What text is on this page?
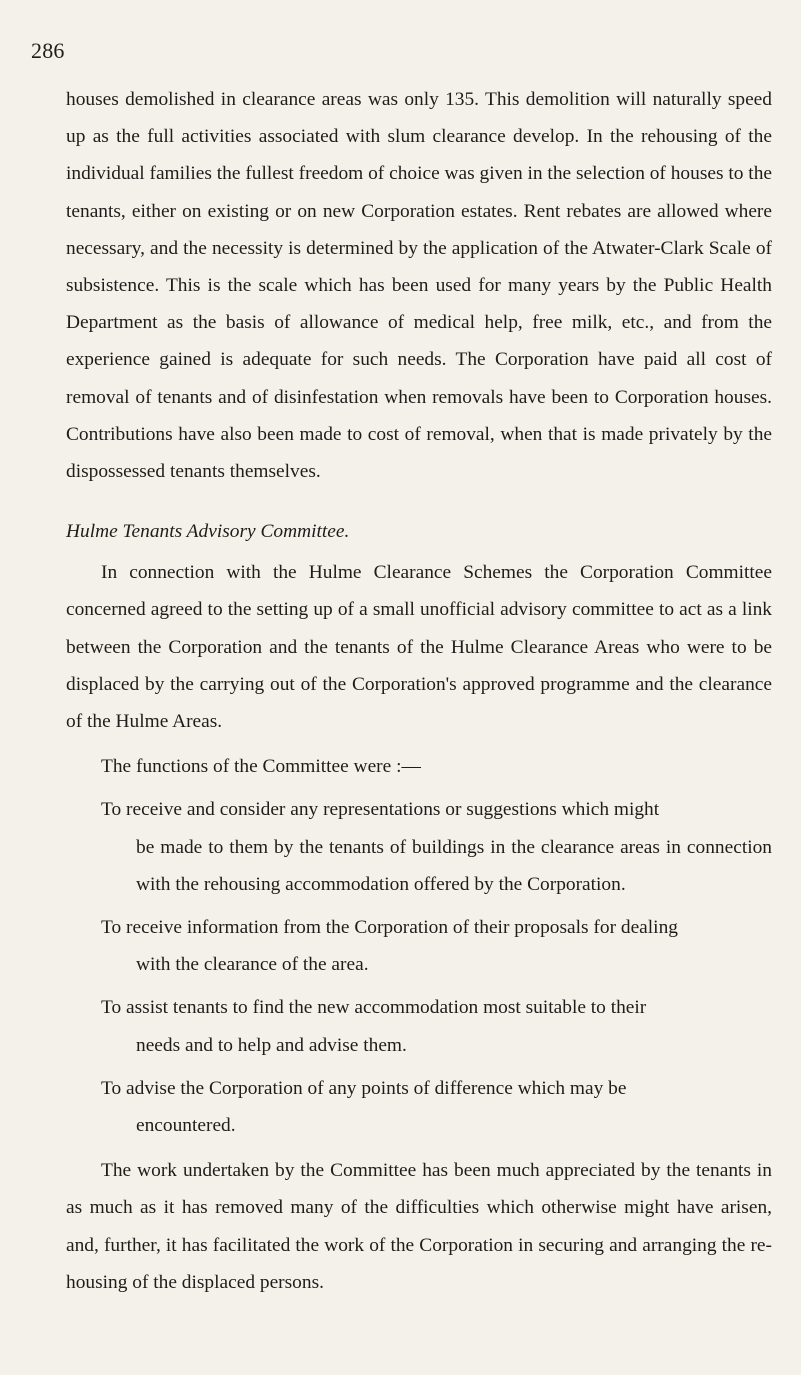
286

houses demolished in clearance areas was only 135. This demolition will naturally speed up as the full activities associated with slum clearance develop. In the rehousing of the individual families the fullest freedom of choice was given in the selection of houses to the tenants, either on existing or on new Corporation estates. Rent rebates are allowed where necessary, and the necessity is determined by the application of the Atwater-Clark Scale of subsistence. This is the scale which has been used for many years by the Public Health Department as the basis of allowance of medical help, free milk, etc., and from the experience gained is adequate for such needs. The Corporation have paid all cost of removal of tenants and of disinfestation when removals have been to Corporation houses. Contributions have also been made to cost of removal, when that is made privately by the dispossessed tenants themselves.

Hulme Tenants Advisory Committee.

In connection with the Hulme Clearance Schemes the Corporation Committee concerned agreed to the setting up of a small unofficial advisory committee to act as a link between the Corporation and the tenants of the Hulme Clearance Areas who were to be displaced by the carrying out of the Corporation's approved programme and the clearance of the Hulme Areas.

The functions of the Committee were :—

To receive and consider any representations or suggestions which might
be made to them by the tenants of buildings in the clearance areas in connection with the rehousing accommodation offered by the Corporation.
To receive information from the Corporation of their proposals for dealing
with the clearance of the area.
To assist tenants to find the new accommodation most suitable to their
needs and to help and advise them.
To advise the Corporation of any points of difference which may be
encountered.

The work undertaken by the Committee has been much appreciated by the tenants in as much as it has removed many of the difficulties which otherwise might have arisen, and, further, it has facilitated the work of the Corporation in securing and arranging the re-housing of the displaced persons.
